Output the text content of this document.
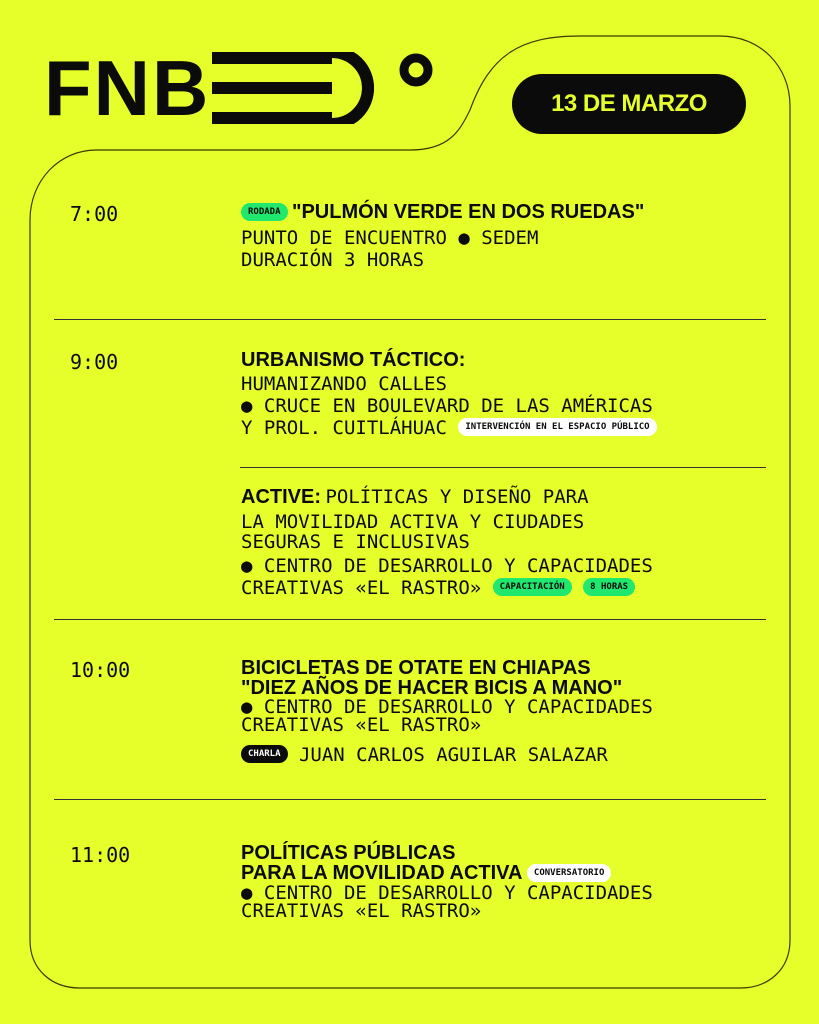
FNB	13 DE MARZO
7:00	RODADA "PULMÓN VERDE EN DOS RUEDAS"
PUNTO DE ENCUENTRO ● SEDEM
DURACIÓN 3 HORAS
9:00	URBANISMO TÁCTICO:
HUMANIZANDO CALLES
● CRUCE EN BOULEVARD DE LAS AMÉRICAS
Y PROL. CUITLÁHUAC INTERVENCIÓN EN EL ESPACIO PÚBLICO
ACTIVE: POLÍTICAS Y DISEÑO PARA
LA MOVILIDAD ACTIVA Y CIUDADES
SEGURAS E INCLUSIVAS
● CENTRO DE DESARROLLO Y CAPACIDADES
CREATIVAS «EL RASTRO» CAPACITACIÓN	8 HORAS
10:00	BICICLETAS DE OTATE EN CHIAPAS
"DIEZ AÑOS DE HACER BICIS A MANO"
● CENTRO DE DESARROLLO Y CAPACIDADES
CREATIVAS «EL RASTRO»
CHARLA JUAN CARLOS AGUILAR SALAZAR
11:00	POLÍTICAS PÚBLICAS
PARA LA MOVILIDAD ACTIVA CONVERSATORIO
● CENTRO DE DESARROLLO Y CAPACIDADES
CREATIVAS «EL RASTRO»
